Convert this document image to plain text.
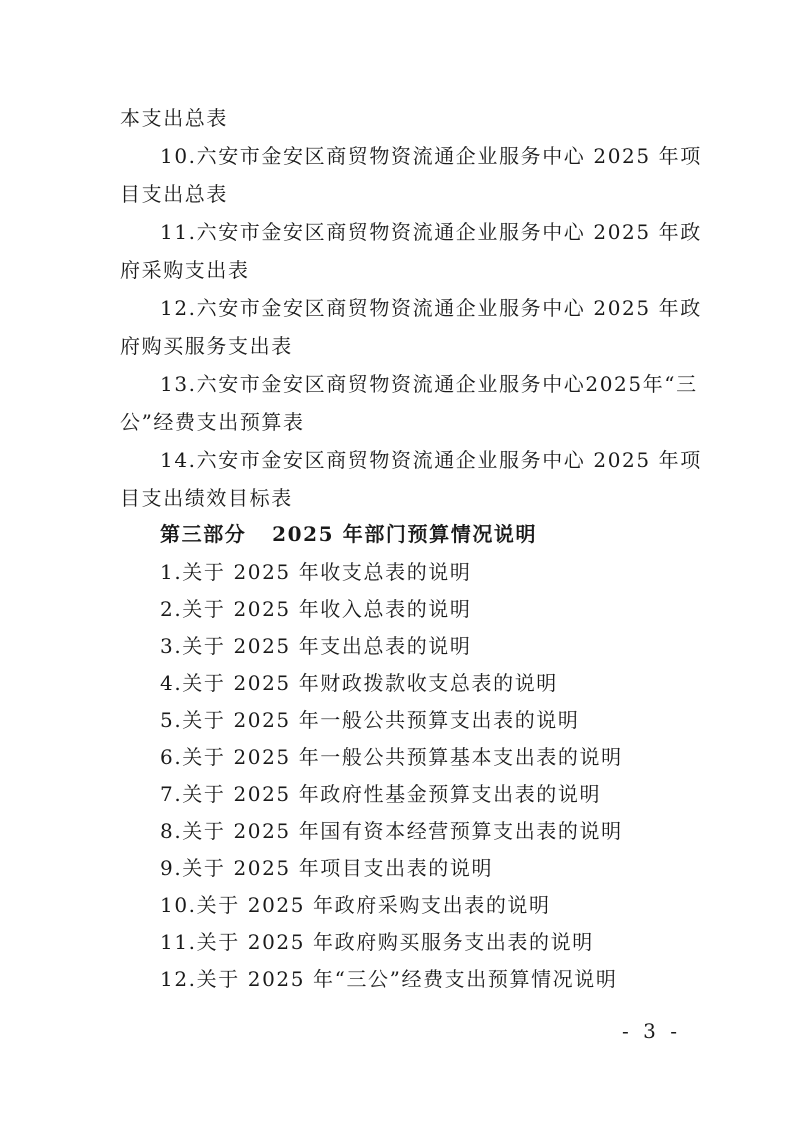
本支出总表
10.六安市金安区商贸物资流通企业服务中心 2025 年项
目支出总表
11.六安市金安区商贸物资流通企业服务中心 2025 年政
府采购支出表
12.六安市金安区商贸物资流通企业服务中心 2025 年政
府购买服务支出表
13.六安市金安区商贸物资流通企业服务中心2025年“三
公”经费支出预算表
14.六安市金安区商贸物资流通企业服务中心 2025 年项
目支出绩效目标表
第三部分   2025 年部门预算情况说明
1.关于 2025 年收支总表的说明
2.关于 2025 年收入总表的说明
3.关于 2025 年支出总表的说明
4.关于 2025 年财政拨款收支总表的说明
5.关于 2025 年一般公共预算支出表的说明
6.关于 2025 年一般公共预算基本支出表的说明
7.关于 2025 年政府性基金预算支出表的说明
8.关于 2025 年国有资本经营预算支出表的说明
9.关于 2025 年项目支出表的说明
10.关于 2025 年政府采购支出表的说明
11.关于 2025 年政府购买服务支出表的说明
12.关于 2025 年“三公”经费支出预算情况说明
- 3 -
